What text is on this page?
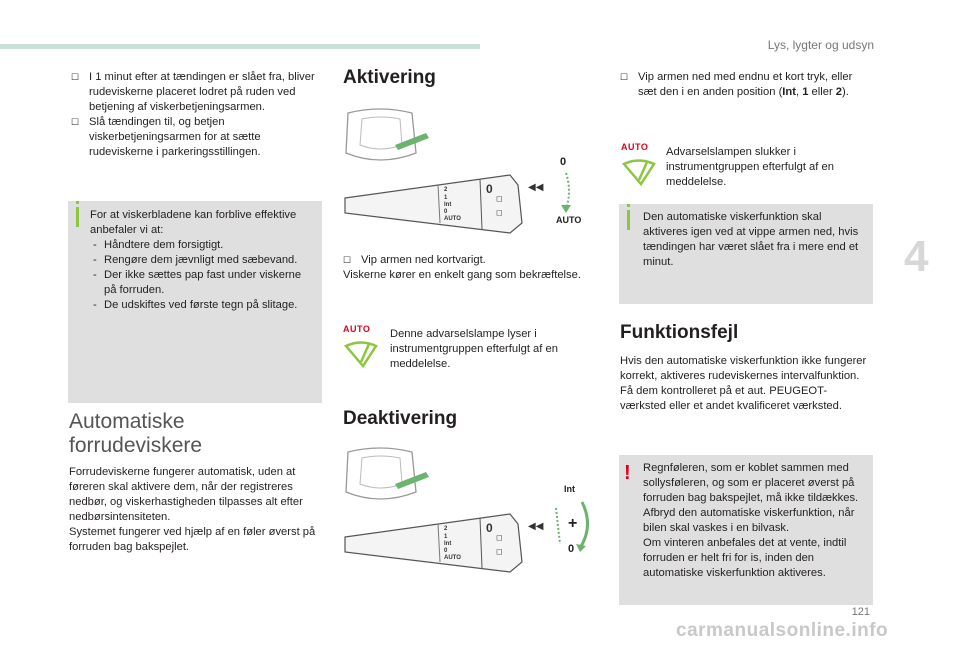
Lys, lygter og udsyn
☐ I 1 minut efter at tændingen er slået fra, bliver rudeviskerne placeret lodret på ruden ved betjening af viskerbetjeningsarmen.
☐ Slå tændingen til, og betjen viskerbetjeningsarmen for at sætte rudeviskerne i parkeringsstillingen.

For at viskerbladene kan forblive effektive anbefaler vi at:

- Håndtere dem forsigtigt.
- Rengøre dem jævnligt med sæbevand.
- Der ikke sættes pap fast under viskerne på forruden.
- De udskiftes ved første tegn på slitage.
Automatiske forrudeviskere

Forrudeviskerne fungerer automatisk, uden at føreren skal aktivere dem, når der registreres nedbør, og viskerhastigheden tilpasses alt efter nedbørsintensiteten.

Systemet fungerer ved hjælp af en føler øverst på forruden bag bakspejlet.

Aktivering
2
1
Int
0
AUTO
0
◻
◻
◀◀
0
AUTO
☐ Vip armen ned kortvarigt.

Viskerne kører en enkelt gang som bekræftelse.

AUTO	Denne advarselslampe lyser i instrumentgruppen efterfulgt af en meddelelse.

Deaktivering
2
1
Int
0
AUTO
0
◻
◻
◀◀
Int
+
0
☐ Vip armen ned med endnu et kort tryk, eller sæt den i en anden position (Int, 1 eller 2).
AUTO	Advarselslampen slukker i instrumentgruppen efterfulgt af en meddelelse.

Den automatiske viskerfunktion skal aktiveres igen ved at vippe armen ned, hvis tændingen har været slået fra i mere end et minut.

Funktionsfejl

Hvis den automatiske viskerfunktion ikke fungerer korrekt, aktiveres rudeviskernes intervalfunktion.

Få dem kontrolleret på et aut. PEUGEOT-værksted eller et andet kvalificeret værksted.

! Regnføleren, som er koblet sammen med sollysføleren, og som er placeret øverst på forruden bag bakspejlet, må ikke tildækkes.

Afbryd den automatiske viskerfunktion, når bilen skal vaskes i en bilvask.

Om vinteren anbefales det at vente, indtil forruden er helt fri for is, inden den automatiske viskerfunktion aktiveres.

4
121
carmanualsonline.info
